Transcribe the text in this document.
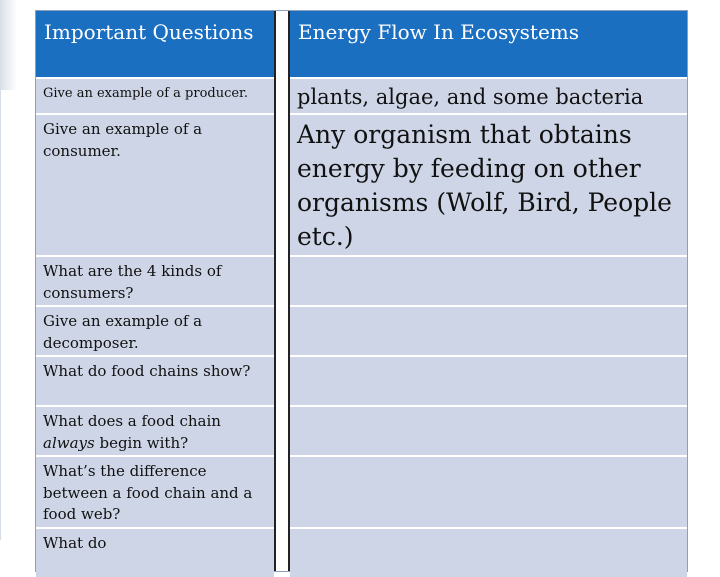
Important Questions	Energy Flow In Ecosystems
Give an example of a producer.	plants, algae, and some bacteria
Give an example of a consumer.
Any organism that obtains energy by feeding on other organisms (Wolf, Bird, People etc.)
What are the 4 kinds of consumers?
Give an example of a decomposer.
What do food chains show?
What does a food chain always begin with?
What’s the difference between a food chain and a food web?
What do
